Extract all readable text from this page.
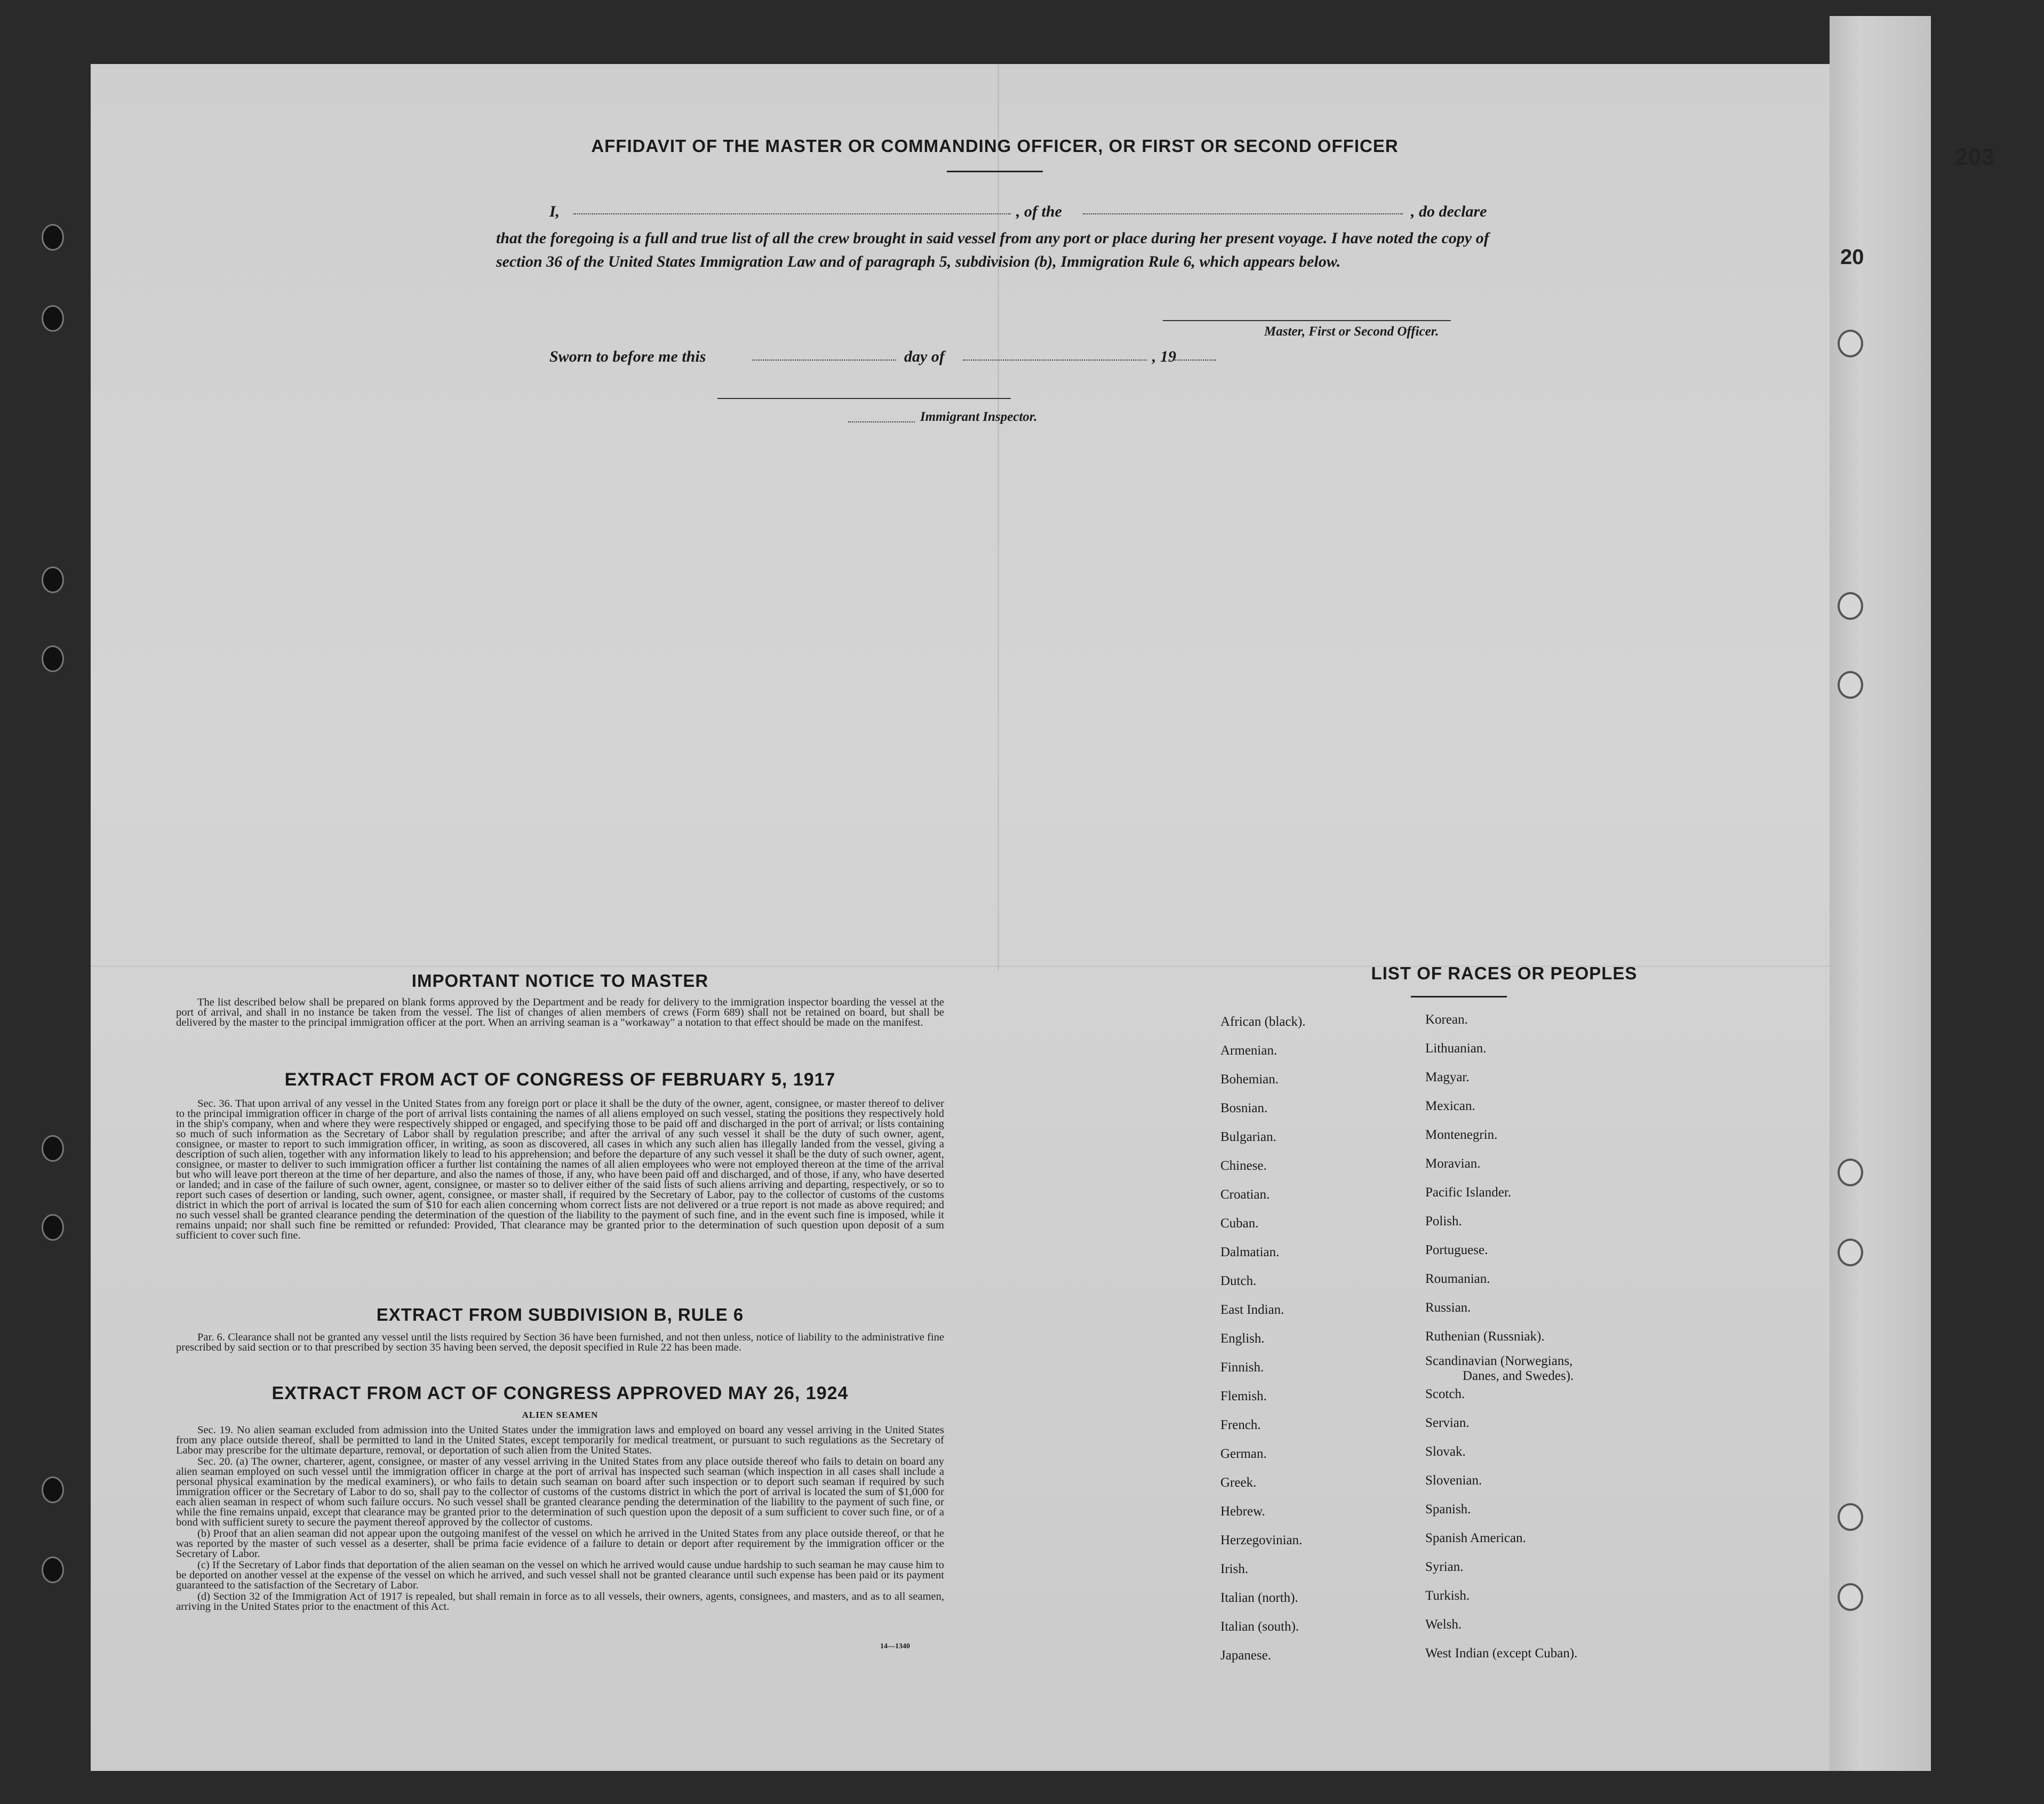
203
20
AFFIDAVIT OF THE MASTER OR COMMANDING OFFICER, OR FIRST OR SECOND OFFICER
I,	, of the	, do declare
that the foregoing is a full and true list of all the crew brought in said vessel from any port or place during her present voyage. I have noted the copy of section 36 of the United States Immigration Law and of paragraph 5, subdivision (b), Immigration Rule 6, which appears below.
Master, First or Second Officer.
Sworn to before me this	day of	, 19
Immigrant Inspector.
IMPORTANT NOTICE TO MASTER
The list described below shall be prepared on blank forms approved by the Department and be ready for delivery to the immigration inspector boarding the vessel at the port of arrival, and shall in no instance be taken from the vessel. The list of changes of alien members of crews (Form 689) shall not be retained on board, but shall be delivered by the master to the principal immigration officer at the port. When an arriving seaman is a "workaway" a notation to that effect should be made on the manifest.
EXTRACT FROM ACT OF CONGRESS OF FEBRUARY 5, 1917
Sec. 36. That upon arrival of any vessel in the United States from any foreign port or place it shall be the duty of the owner, agent, consignee, or master thereof to deliver to the principal immigration officer in charge of the port of arrival lists containing the names of all aliens employed on such vessel, stating the positions they respectively hold in the ship's company, when and where they were respectively shipped or engaged, and specifying those to be paid off and discharged in the port of arrival; or lists containing so much of such information as the Secretary of Labor shall by regulation prescribe; and after the arrival of any such vessel it shall be the duty of such owner, agent, consignee, or master to report to such immigration officer, in writing, as soon as discovered, all cases in which any such alien has illegally landed from the vessel, giving a description of such alien, together with any information likely to lead to his apprehension; and before the departure of any such vessel it shall be the duty of such owner, agent, consignee, or master to deliver to such immigration officer a further list containing the names of all alien employees who were not employed thereon at the time of the arrival but who will leave port thereon at the time of her departure, and also the names of those, if any, who have been paid off and discharged, and of those, if any, who have deserted or landed; and in case of the failure of such owner, agent, consignee, or master so to deliver either of the said lists of such aliens arriving and departing, respectively, or so to report such cases of desertion or landing, such owner, agent, consignee, or master shall, if required by the Secretary of Labor, pay to the collector of customs of the customs district in which the port of arrival is located the sum of $10 for each alien concerning whom correct lists are not delivered or a true report is not made as above required; and no such vessel shall be granted clearance pending the determination of the question of the liability to the payment of such fine, and in the event such fine is imposed, while it remains unpaid; nor shall such fine be remitted or refunded: Provided, That clearance may be granted prior to the determination of such question upon deposit of a sum sufficient to cover such fine.
EXTRACT FROM SUBDIVISION B, RULE 6
Par. 6. Clearance shall not be granted any vessel until the lists required by Section 36 have been furnished, and not then unless, notice of liability to the administrative fine prescribed by said section or to that prescribed by section 35 having been served, the deposit specified in Rule 22 has been made.
EXTRACT FROM ACT OF CONGRESS APPROVED MAY 26, 1924
ALIEN SEAMEN

Sec. 19. No alien seaman excluded from admission into the United States under the immigration laws and employed on board any vessel arriving in the United States from any place outside thereof, shall be permitted to land in the United States, except temporarily for medical treatment, or pursuant to such regulations as the Secretary of Labor may prescribe for the ultimate departure, removal, or deportation of such alien from the United States.

Sec. 20. (a) The owner, charterer, agent, consignee, or master of any vessel arriving in the United States from any place outside thereof who fails to detain on board any alien seaman employed on such vessel until the immigration officer in charge at the port of arrival has inspected such seaman (which inspection in all cases shall include a personal physical examination by the medical examiners), or who fails to detain such seaman on board after such inspection or to deport such seaman if required by such immigration officer or the Secretary of Labor to do so, shall pay to the collector of customs of the customs district in which the port of arrival is located the sum of $1,000 for each alien seaman in respect of whom such failure occurs. No such vessel shall be granted clearance pending the determination of the liability to the payment of such fine, or while the fine remains unpaid, except that clearance may be granted prior to the determination of such question upon the deposit of a sum sufficient to cover such fine, or of a bond with sufficient surety to secure the payment thereof approved by the collector of customs.

(b) Proof that an alien seaman did not appear upon the outgoing manifest of the vessel on which he arrived in the United States from any place outside thereof, or that he was reported by the master of such vessel as a deserter, shall be prima facie evidence of a failure to detain or deport after requirement by the immigration officer or the Secretary of Labor.

(c) If the Secretary of Labor finds that deportation of the alien seaman on the vessel on which he arrived would cause undue hardship to such seaman he may cause him to be deported on another vessel at the expense of the vessel on which he arrived, and such vessel shall not be granted clearance until such expense has been paid or its payment guaranteed to the satisfaction of the Secretary of Labor.

(d) Section 32 of the Immigration Act of 1917 is repealed, but shall remain in force as to all vessels, their owners, agents, consignees, and masters, and as to all seamen, arriving in the United States prior to the enactment of this Act.

14—1340
LIST OF RACES OR PEOPLES
African (black).
Armenian.
Bohemian.
Bosnian.
Bulgarian.
Chinese.
Croatian.
Cuban.
Dalmatian.
Dutch.
East Indian.
English.
Finnish.
Flemish.
French.
German.
Greek.
Hebrew.
Herzegovinian.
Irish.
Italian (north).
Italian (south).
Japanese.
Korean.
Lithuanian.
Magyar.
Mexican.
Montenegrin.
Moravian.
Pacific Islander.
Polish.
Portuguese.
Roumanian.
Russian.
Ruthenian (Russniak).
Scandinavian (Norwegians,
Danes, and Swedes).
Scotch.
Servian.
Slovak.
Slovenian.
Spanish.
Spanish American.
Syrian.
Turkish.
Welsh.
West Indian (except Cuban).
